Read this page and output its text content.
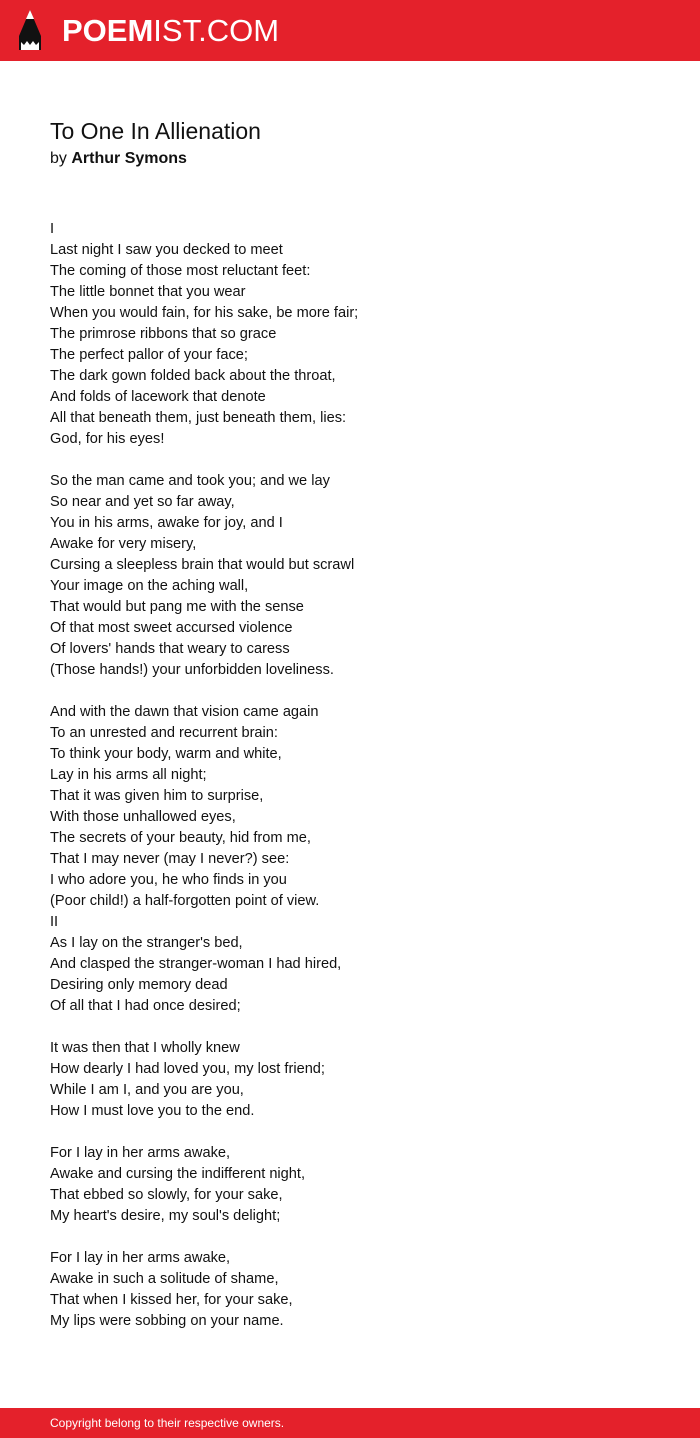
POEMIST.COM
To One In Allienation
by Arthur Symons
I
Last night I saw you decked to meet
The coming of those most reluctant feet:
The little bonnet that you wear
When you would fain, for his sake, be more fair;
The primrose ribbons that so grace
The perfect pallor of your face;
The dark gown folded back about the throat,
And folds of lacework that denote
All that beneath them, just beneath them, lies:
God, for his eyes!
So the man came and took you; and we lay
So near and yet so far away,
You in his arms, awake for joy, and I
Awake for very misery,
Cursing a sleepless brain that would but scrawl
Your image on the aching wall,
That would but pang me with the sense
Of that most sweet accursed violence
Of lovers' hands that weary to caress
(Those hands!) your unforbidden loveliness.
And with the dawn that vision came again
To an unrested and recurrent brain:
To think your body, warm and white,
Lay in his arms all night;
That it was given him to surprise,
With those unhallowed eyes,
The secrets of your beauty, hid from me,
That I may never (may I never?) see:
I who adore you, he who finds in you
(Poor child!) a half-forgotten point of view.
II
As I lay on the stranger's bed,
And clasped the stranger-woman I had hired,
Desiring only memory dead
Of all that I had once desired;
It was then that I wholly knew
How dearly I had loved you, my lost friend;
While I am I, and you are you,
How I must love you to the end.
For I lay in her arms awake,
Awake and cursing the indifferent night,
That ebbed so slowly, for your sake,
My heart's desire, my soul's delight;
For I lay in her arms awake,
Awake in such a solitude of shame,
That when I kissed her, for your sake,
My lips were sobbing on your name.
Copyright belong to their respective owners.
